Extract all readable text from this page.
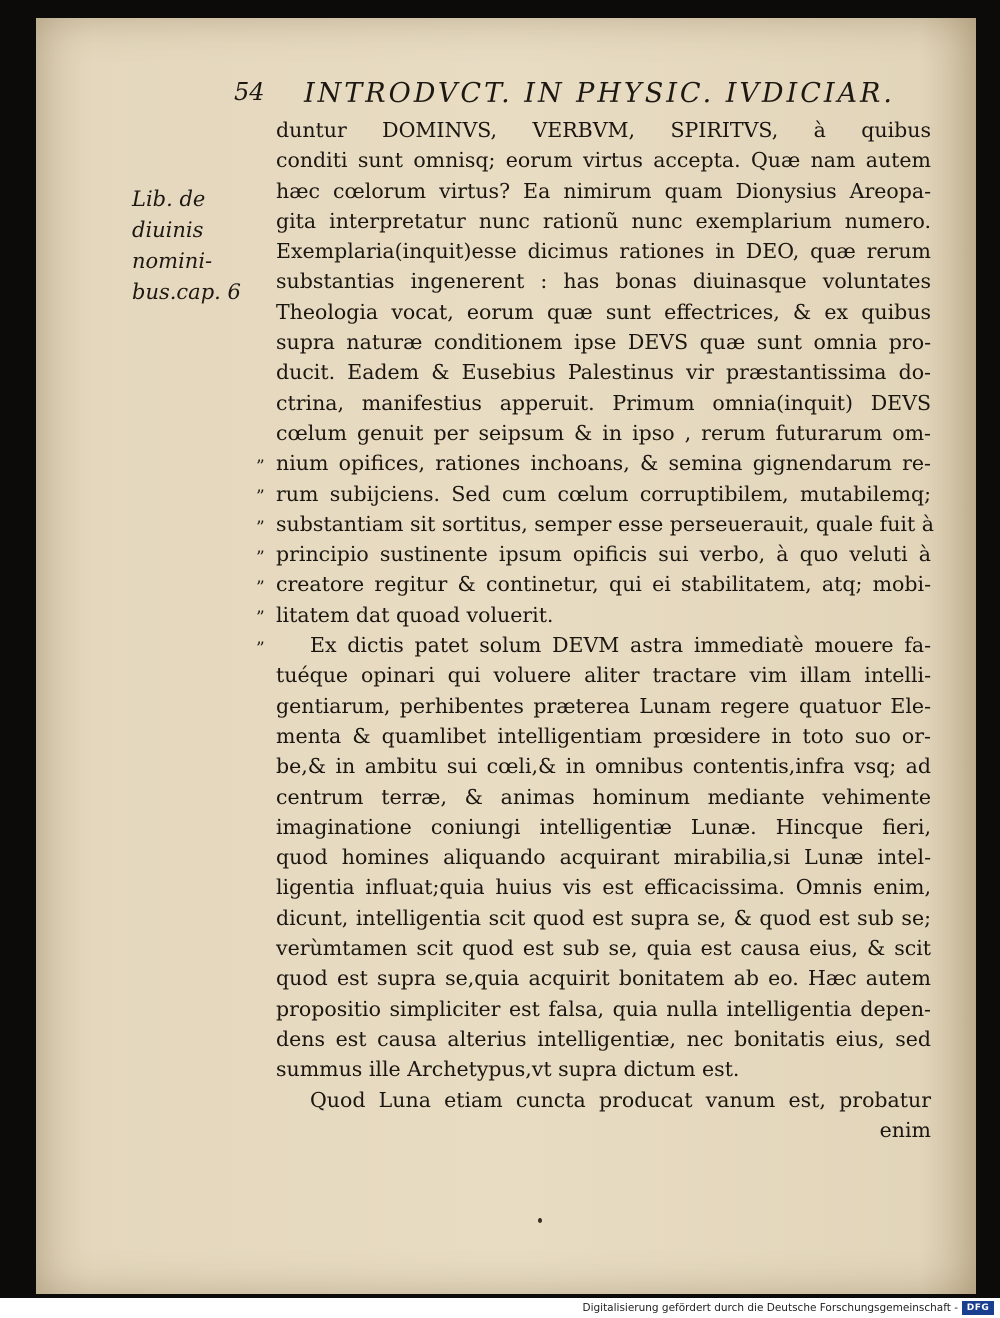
54 INTRODVCT. IN PHYSIC. IVDICIAR.
Lib. de
diuinis
nomini-
bus.cap. 6
”
”
”
”
”
”
”
duntur DOMINVS, VERBVM, SPIRITVS, à quibus
conditi sunt omnisq; eorum virtus accepta. Quæ nam autem
hæc cœlorum virtus? Ea nimirum quam Dionysius Areopa-
gita interpretatur nunc rationũ nunc exemplarium numero.
Exemplaria(inquit)esse dicimus rationes in DEO, quæ rerum
substantias ingenerent : has bonas diuinasque voluntates
Theologia vocat, eorum quæ sunt effectrices, & ex quibus
supra naturæ conditionem ipse DEVS quæ sunt omnia pro-
ducit. Eadem & Eusebius Palestinus vir præstantissima do-
ctrina, manifestius apperuit. Primum omnia(inquit) DEVS
cœlum genuit per seipsum & in ipso , rerum futurarum om-
nium opifices, rationes inchoans, & semina gignendarum re-
rum subijciens. Sed cum cœlum corruptibilem, mutabilemq;
substantiam sit sortitus, semper esse perseuerauit, quale fuit à
principio sustinente ipsum opificis sui verbo, à quo veluti à
creatore regitur & continetur, qui ei stabilitatem, atq; mobi-
litatem dat quoad voluerit.
Ex dictis patet solum DEVM astra immediatè mouere fa-
tuéque opinari qui voluere aliter tractare vim illam intelli-
gentiarum, perhibentes præterea Lunam regere quatuor Ele-
menta & quamlibet intelligentiam prœsidere in toto suo or-
be,& in ambitu sui cœli,& in omnibus contentis,infra vsq; ad
centrum terræ, & animas hominum mediante vehimente
imaginatione coniungi intelligentiæ Lunæ. Hincque fieri,
quod homines aliquando acquirant mirabilia,si Lunæ intel-
ligentia influat;quia huius vis est efficacissima. Omnis enim,
dicunt, intelligentia scit quod est supra se, & quod est sub se;
verùmtamen scit quod est sub se, quia est causa eius, & scit
quod est supra se,quia acquirit bonitatem ab eo. Hæc autem
propositio simpliciter est falsa, quia nulla intelligentia depen-
dens est causa alterius intelligentiæ, nec bonitatis eius, sed
summus ille Archetypus,vt supra dictum est.
Quod Luna etiam cuncta producat vanum est, probatur
enim
Digitalisierung gefördert durch die Deutsche Forschungsgemeinschaft - DFG
